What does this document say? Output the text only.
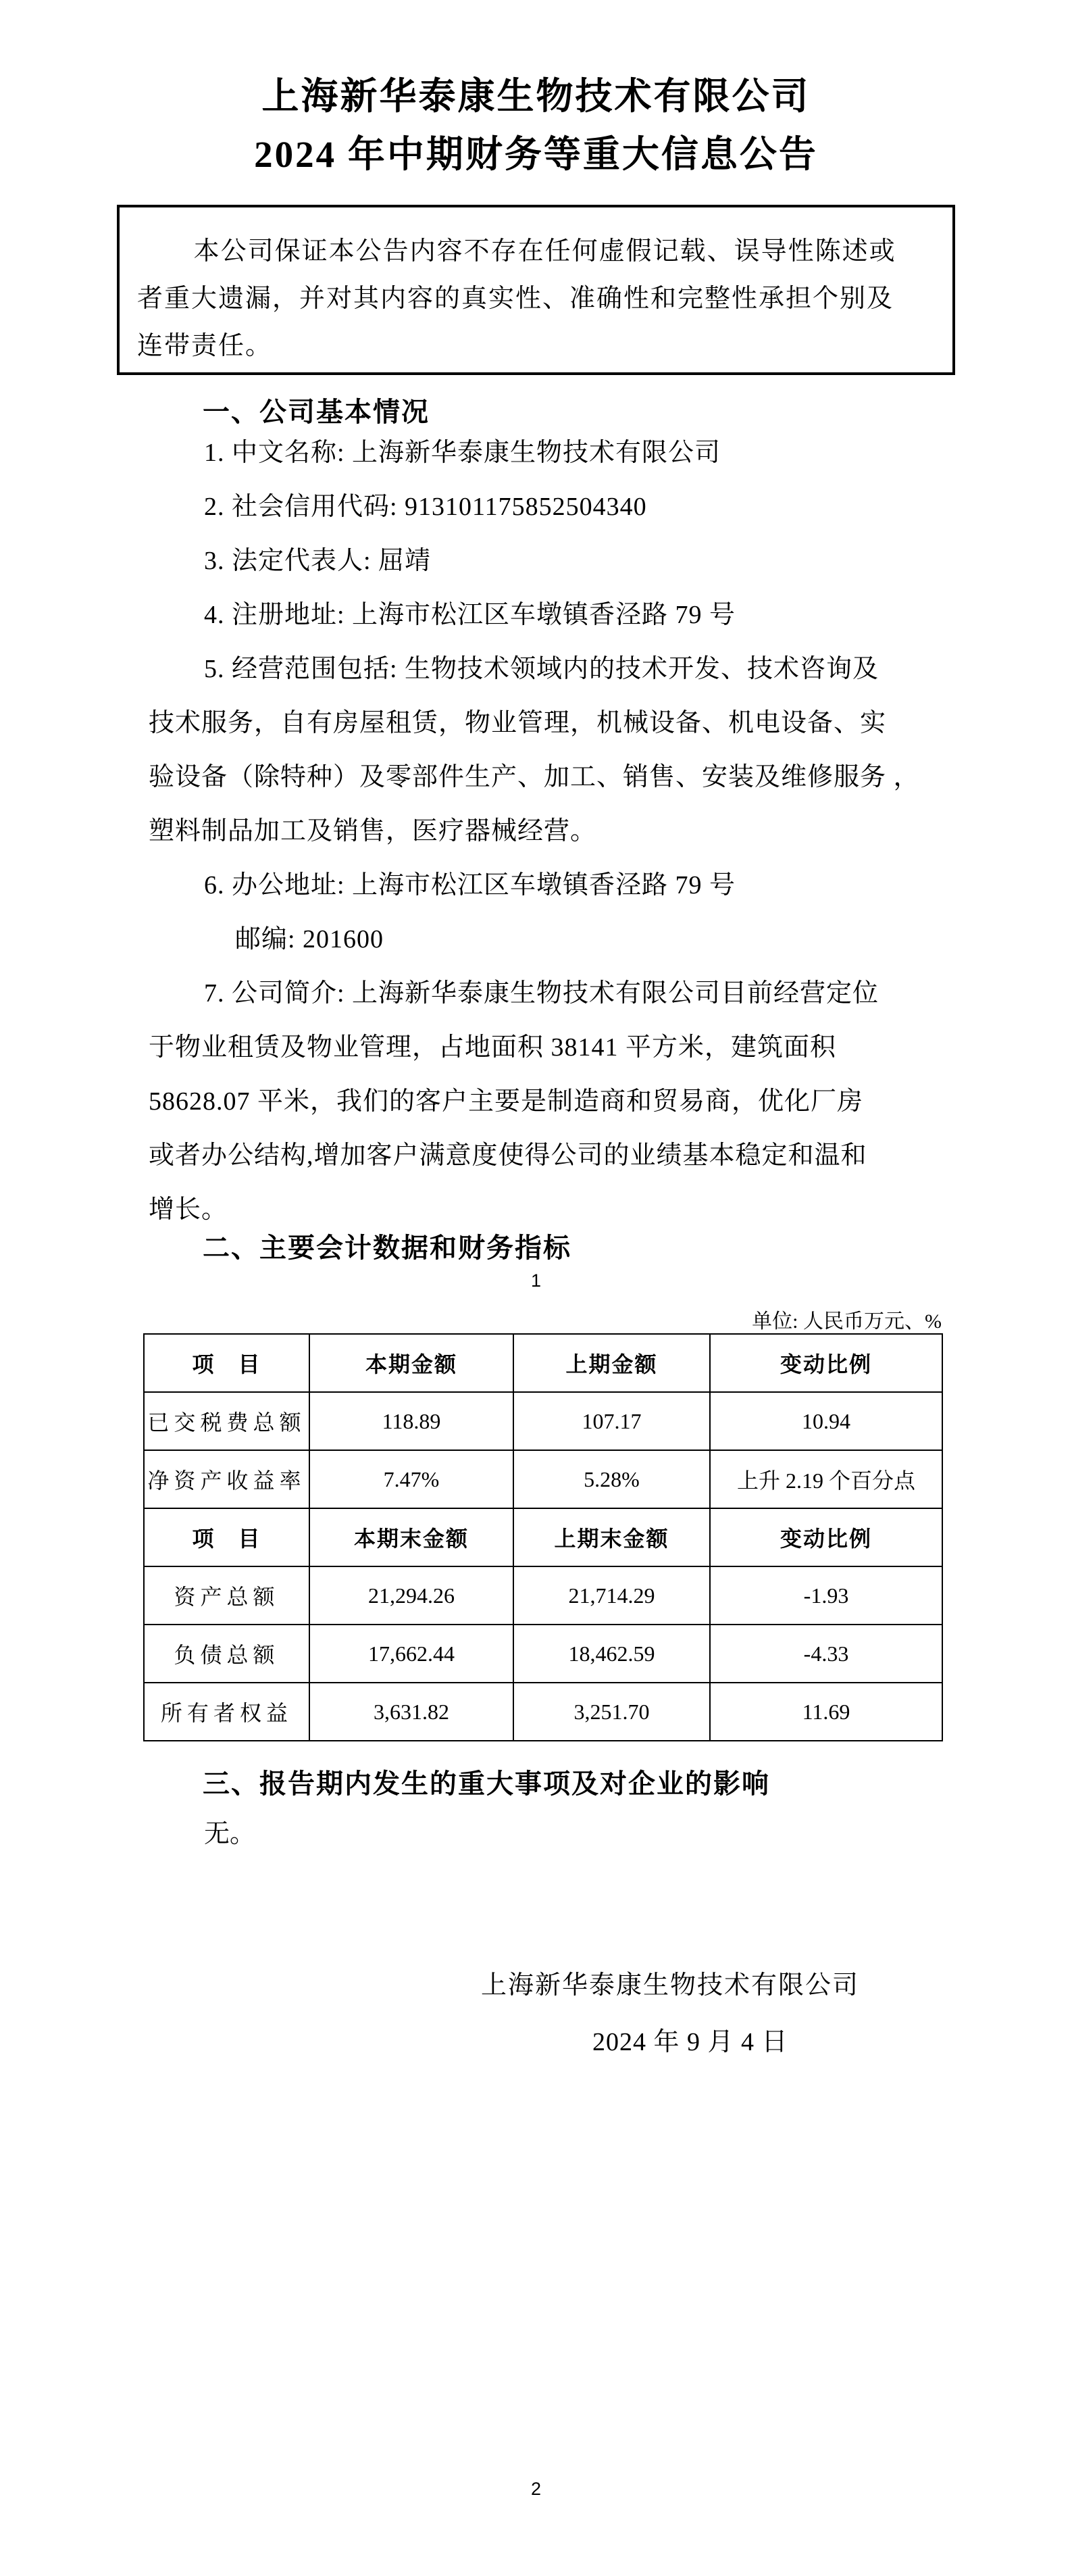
上海新华泰康生物技术有限公司
2024 年中期财务等重大信息公告
本公司保证本公告内容不存在任何虚假记载、误导性陈述或
者重大遗漏，并对其内容的真实性、准确性和完整性承担个别及
连带责任。
一、公司基本情况
1. 中文名称: 上海新华泰康生物技术有限公司
2. 社会信用代码: 913101175852504340
3. 法定代表人: 屈靖
4. 注册地址: 上海市松江区车墩镇香泾路 79 号
5. 经营范围包括: 生物技术领域内的技术开发、技术咨询及
技术服务，自有房屋租赁，物业管理，机械设备、机电设备、实
验设备（除特种）及零部件生产、加工、销售、安装及维修服务 ，
塑料制品加工及销售，医疗器械经营。
6. 办公地址: 上海市松江区车墩镇香泾路 79 号
邮编: 201600
7. 公司简介: 上海新华泰康生物技术有限公司目前经营定位
于物业租赁及物业管理，占地面积 38141 平方米，建筑面积
58628.07 平米，我们的客户主要是制造商和贸易商，优化厂房
或者办公结构,增加客户满意度使得公司的业绩基本稳定和温和
增长。
二、主要会计数据和财务指标
1
单位: 人民币万元、%
项　目	本期金额	上期金额	变动比例
已交税费总额	118.89	107.17	10.94
净资产收益率	7.47%	5.28%	上升 2.19 个百分点
项　目	本期末金额	上期末金额	变动比例
资产总额	21,294.26	21,714.29	-1.93
负债总额	17,662.44	18,462.59	-4.33
所有者权益	3,631.82	3,251.70	11.69
三、报告期内发生的重大事项及对企业的影响
无。
上海新华泰康生物技术有限公司
2024 年 9 月 4 日
2
